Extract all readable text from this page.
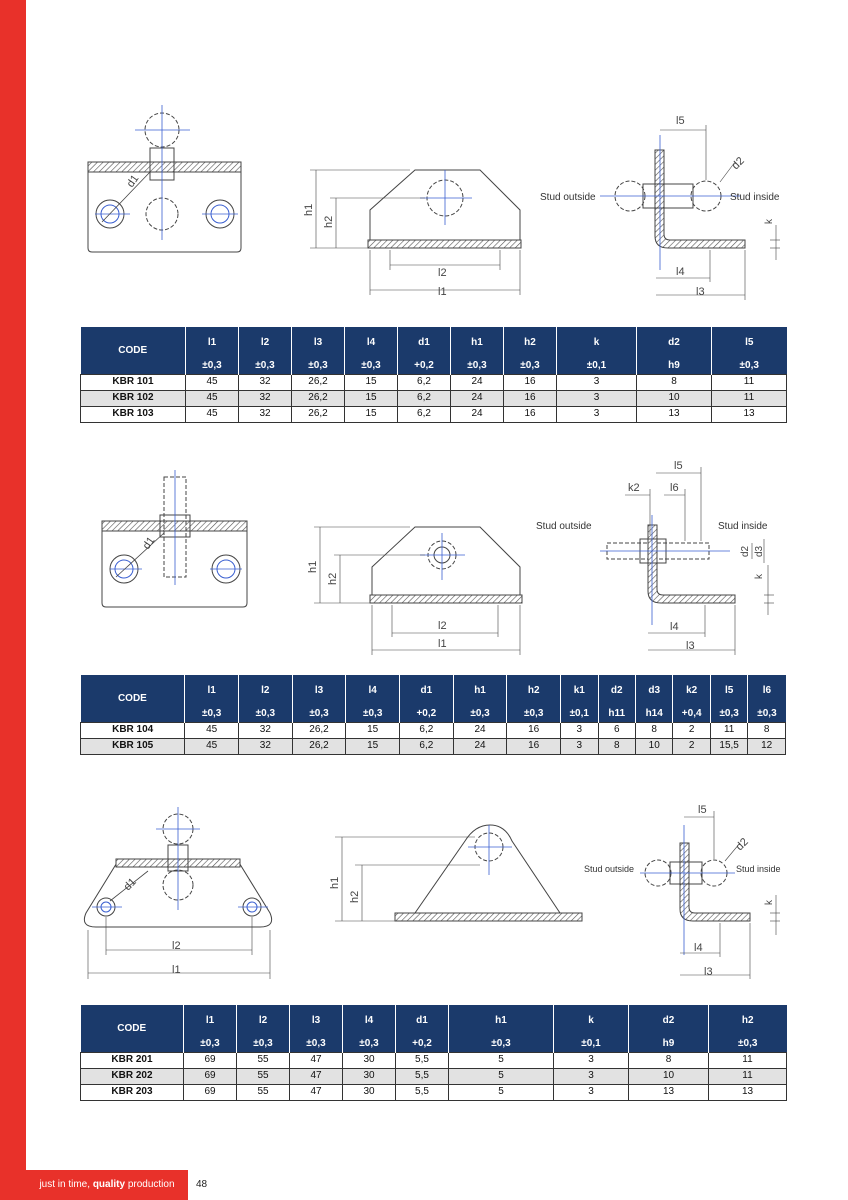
d1
h1
h2
l2
l1
l5
d2
Stud outside	Stud inside
k
l4
l3
CODE	l1	l2	l3	l4	d1	h1	h2	k	d2	l5
	±0,3	±0,3	±0,3	±0,3	+0,2	±0,3	±0,3	±0,1	h9	±0,3
KBR 101	45	32	26,2	15	6,2	24	16	3	8	11
KBR 102	45	32	26,2	15	6,2	24	16	3	10	11
KBR 103	45	32	26,2	15	6,2	24	16	3	13	13
d1
h1
h2
l2
l1
l5
k2	l6
Stud outside	Stud inside
d2 d3
k
l4
l3
CODE	l1	l2	l3	l4	d1	h1	h2	k1	d2	d3	k2	l5	l6
	±0,3	±0,3	±0,3	±0,3	+0,2	±0,3	±0,3	±0,1	h11	h14	+0,4	±0,3	±0,3
KBR 104	45	32	26,2	15	6,2	24	16	3	6	8	2	11	8
KBR 105	45	32	26,2	15	6,2	24	16	3	8	10	2	15,5	12
d1
l2
l1
h1
h2
l5
d2
Stud outside	Stud inside
k
l4
l3
CODE	l1	l2	l3	l4	d1	h1	k	d2	h2
	±0,3	±0,3	±0,3	±0,3	+0,2	±0,3	±0,1	h9	±0,3
KBR 201	69	55	47	30	5,5	5	3	8	11
KBR 202	69	55	47	30	5,5	5	3	10	11
KBR 203	69	55	47	30	5,5	5	3	13	13
just in time, quality production	48
